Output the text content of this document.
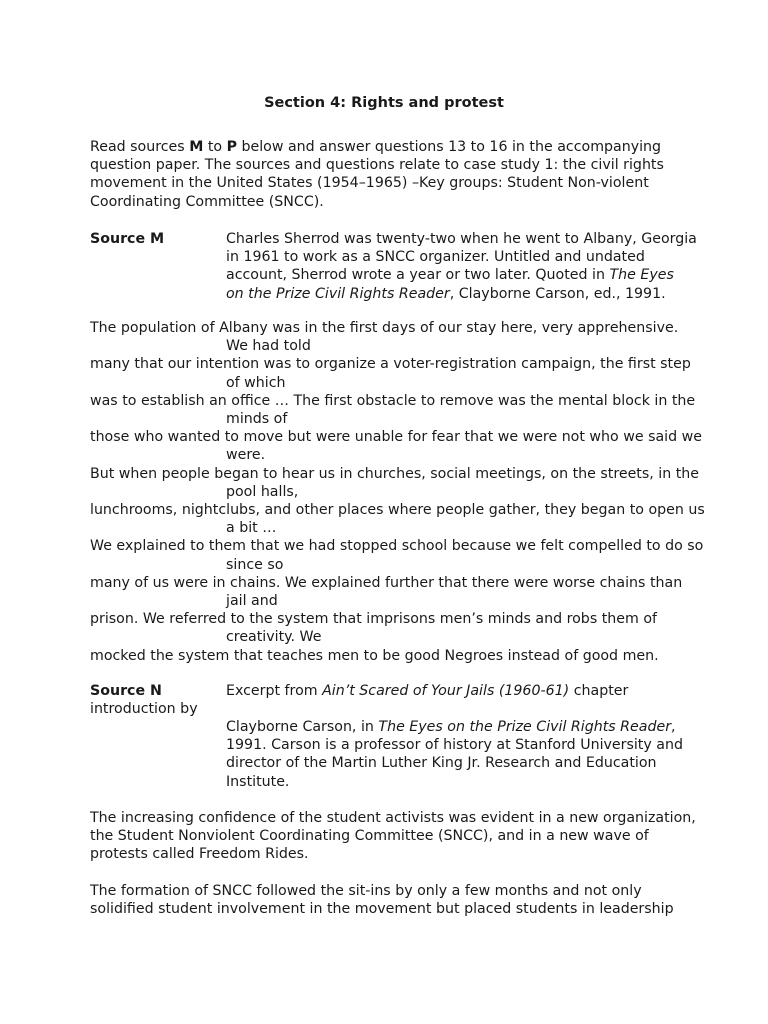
Section 4: Rights and protest
Read sources M to P below and answer questions 13 to 16 in the accompanying
question paper. The sources and questions relate to case study 1: the civil rights
movement in the United States (1954–1965) –Key groups: Student Non-violent
Coordinating Committee (SNCC).
Source M	Charles Sherrod was twenty-two when he went to Albany, Georgia
in 1961 to work as a SNCC organizer. Untitled and undated
account, Sherrod wrote a year or two later. Quoted in The Eyes
on the Prize Civil Rights Reader, Clayborne Carson, ed., 1991.
The population of Albany was in the first days of our stay here, very apprehensive.
We had told
many that our intention was to organize a voter-registration campaign, the first step
of which
was to establish an office … The first obstacle to remove was the mental block in the
minds of
those who wanted to move but were unable for fear that we were not who we said we
were.
But when people began to hear us in churches, social meetings, on the streets, in the
pool halls,
lunchrooms, nightclubs, and other places where people gather, they began to open us
a bit …
We explained to them that we had stopped school because we felt compelled to do so
since so
many of us were in chains. We explained further that there were worse chains than
jail and
prison. We referred to the system that imprisons men’s minds and robs them of
creativity. We
mocked the system that teaches men to be good Negroes instead of good men.
Source N	Excerpt from Ain’t Scared of Your Jails (1960-61) chapter
introduction by
Clayborne Carson, in The Eyes on the Prize Civil Rights Reader,
1991. Carson is a professor of history at Stanford University and
director of the Martin Luther King Jr. Research and Education
Institute.
The increasing confidence of the student activists was evident in a new organization,
the Student Nonviolent Coordinating Committee (SNCC), and in a new wave of
protests called Freedom Rides.
The formation of SNCC followed the sit-ins by only a few months and not only
solidified student involvement in the movement but placed students in leadership
